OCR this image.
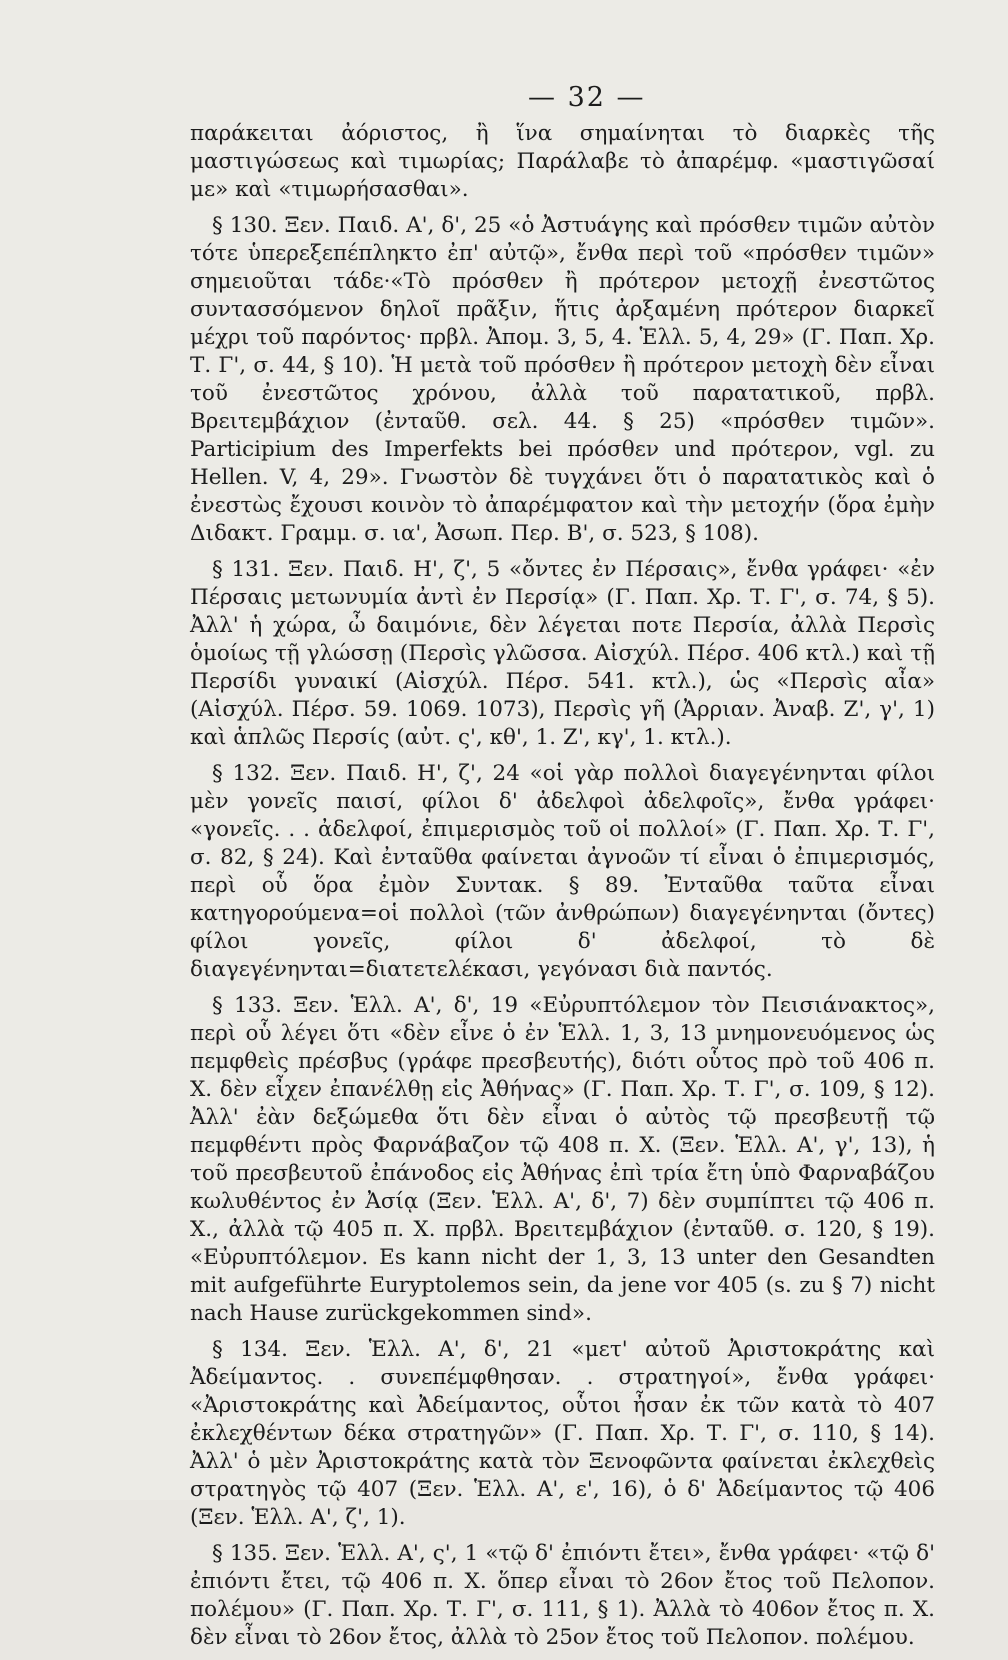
— 32 —

παράκειται ἀόριστος, ἢ ἵνα σημαίνηται τὸ διαρκὲς τῆς μαστιγώσεως καὶ τιμωρίας; Παράλαβε τὸ ἀπαρέμφ. «μαστιγῶσαί με» καὶ «τιμωρήσασθαι».

§ 130. Ξεν. Παιδ. Α', δ', 25 «ὁ Ἀστυάγης καὶ πρόσθεν τιμῶν αὐτὸν τότε ὑπερεξεπέπληκτο ἐπ' αὐτῷ», ἔνθα περὶ τοῦ «πρόσθεν τιμῶν» σημειοῦται τάδε·«Τὸ πρόσθεν ἢ πρότερον μετοχῇ ἐνεστῶτος συντασσόμενον δηλοῖ πρᾶξιν, ἥτις ἀρξαμένη πρότερον διαρκεῖ μέχρι τοῦ παρόντος· πρβλ. Ἀπομ. 3, 5, 4. Ἑλλ. 5, 4, 29» (Γ. Παπ. Χρ. Τ. Γ', σ. 44, § 10). Ἡ μετὰ τοῦ πρόσθεν ἢ πρότερον μετοχὴ δὲν εἶναι τοῦ ἐνεστῶτος χρόνου, ἀλλὰ τοῦ παρατατικοῦ, πρβλ. Βρειτεμβάχιον (ἐνταῦθ. σελ. 44. § 25) «πρόσθεν τιμῶν». Participium des Imperfekts bei πρόσθεν und πρότερον, vgl. zu Hellen. V, 4, 29». Γνωστὸν δὲ τυγχάνει ὅτι ὁ παρατατικὸς καὶ ὁ ἐνεστὼς ἔχουσι κοινὸν τὸ ἀπαρέμφατον καὶ τὴν μετοχήν (ὅρα ἐμὴν Διδακτ. Γραμμ. σ. ια', Ἀσωπ. Περ. Β', σ. 523, § 108).

§ 131. Ξεν. Παιδ. Η', ζ', 5 «ὄντες ἐν Πέρσαις», ἔνθα γράφει· «ἐν Πέρσαις μετωνυμία ἀντὶ ἐν Περσίᾳ» (Γ. Παπ. Χρ. Τ. Γ', σ. 74, § 5). Ἀλλ' ἡ χώρα, ὦ δαιμόνιε, δὲν λέγεται ποτε Περσία, ἀλλὰ Περσὶς ὁμοίως τῇ γλώσσῃ (Περσὶς γλῶσσα. Αἰσχύλ. Πέρσ. 406 κτλ.) καὶ τῇ Περσίδι γυναικί (Αἰσχύλ. Πέρσ. 541. κτλ.), ὡς «Περσὶς αἶα» (Αἰσχύλ. Πέρσ. 59. 1069. 1073), Περσὶς γῆ (Ἀρριαν. Ἀναβ. Ζ', γ', 1) καὶ ἁπλῶς Περσίς (αὐτ. ς', κθ', 1. Ζ', κγ', 1. κτλ.).

§ 132. Ξεν. Παιδ. Η', ζ', 24 «οἱ γὰρ πολλοὶ διαγεγένηνται φίλοι μὲν γονεῖς παισί, φίλοι δ' ἀδελφοὶ ἀδελφοῖς», ἔνθα γράφει· «γονεῖς. . . ἀδελφοί, ἐπιμερισμὸς τοῦ οἱ πολλοί» (Γ. Παπ. Χρ. Τ. Γ', σ. 82, § 24). Καὶ ἐνταῦθα φαίνεται ἀγνοῶν τί εἶναι ὁ ἐπιμερισμός, περὶ οὗ ὅρα ἐμὸν Συντακ. § 89. Ἐνταῦθα ταῦτα εἶναι κατηγορούμενα=οἱ πολλοὶ (τῶν ἀνθρώπων) διαγεγένηνται (ὄντες) φίλοι γονεῖς, φίλοι δ' ἀδελφοί, τὸ δὲ διαγεγένηνται=διατετελέκασι, γεγόνασι διὰ παντός.

§ 133. Ξεν. Ἑλλ. Α', δ', 19 «Εὐρυπτόλεμον τὸν Πεισιάνακτος», περὶ οὗ λέγει ὅτι «δὲν εἶνε ὁ ἐν Ἑλλ. 1, 3, 13 μνημονευόμενος ὡς πεμφθεὶς πρέσβυς (γράφε πρεσβευτής), διότι οὗτος πρὸ τοῦ 406 π. Χ. δὲν εἶχεν ἐπανέλθῃ εἰς Ἀθήνας» (Γ. Παπ. Χρ. Τ. Γ', σ. 109, § 12). Ἀλλ' ἐὰν δεξώμεθα ὅτι δὲν εἶναι ὁ αὐτὸς τῷ πρεσβευτῇ τῷ πεμφθέντι πρὸς Φαρνάβαζον τῷ 408 π. Χ. (Ξεν. Ἑλλ. Α', γ', 13), ἡ τοῦ πρεσβευτοῦ ἐπάνοδος εἰς Ἀθήνας ἐπὶ τρία ἔτη ὑπὸ Φαρναβάζου κωλυθέντος ἐν Ἀσίᾳ (Ξεν. Ἑλλ. Α', δ', 7) δὲν συμπίπτει τῷ 406 π. Χ., ἀλλὰ τῷ 405 π. Χ. πρβλ. Βρειτεμβάχιον (ἐνταῦθ. σ. 120, § 19). «Εὐρυπτόλεμον. Es kann nicht der 1, 3, 13 unter den Gesandten mit aufgeführte Euryptolemos sein, da jene vor 405 (s. zu § 7) nicht nach Hause zurückgekommen sind».

§ 134. Ξεν. Ἑλλ. Α', δ', 21 «μετ' αὐτοῦ Ἀριστοκράτης καὶ Ἀδείμαντος. . συνεπέμφθησαν. . στρατηγοί», ἔνθα γράφει· «Ἀριστοκράτης καὶ Ἀδείμαντος, οὗτοι ἦσαν ἐκ τῶν κατὰ τὸ 407 ἐκλεχθέντων δέκα στρατηγῶν» (Γ. Παπ. Χρ. Τ. Γ', σ. 110, § 14). Ἀλλ' ὁ μὲν Ἀριστοκράτης κατὰ τὸν Ξενοφῶντα φαίνεται ἐκλεχθεὶς στρατηγὸς τῷ 407 (Ξεν. Ἑλλ. Α', ε', 16), ὁ δ' Ἀδείμαντος τῷ 406 (Ξεν. Ἑλλ. Α', ζ', 1).

§ 135. Ξεν. Ἑλλ. Α', ς', 1 «τῷ δ' ἐπιόντι ἔτει», ἔνθα γράφει· «τῷ δ' ἐπιόντι ἔτει, τῷ 406 π. Χ. ὅπερ εἶναι τὸ 26ον ἔτος τοῦ Πελοπον. πολέμου» (Γ. Παπ. Χρ. Τ. Γ', σ. 111, § 1). Ἀλλὰ τὸ 406ον ἔτος π. Χ. δὲν εἶναι τὸ 26ον ἔτος, ἀλλὰ τὸ 25ον ἔτος τοῦ Πελοπον. πολέμου.
